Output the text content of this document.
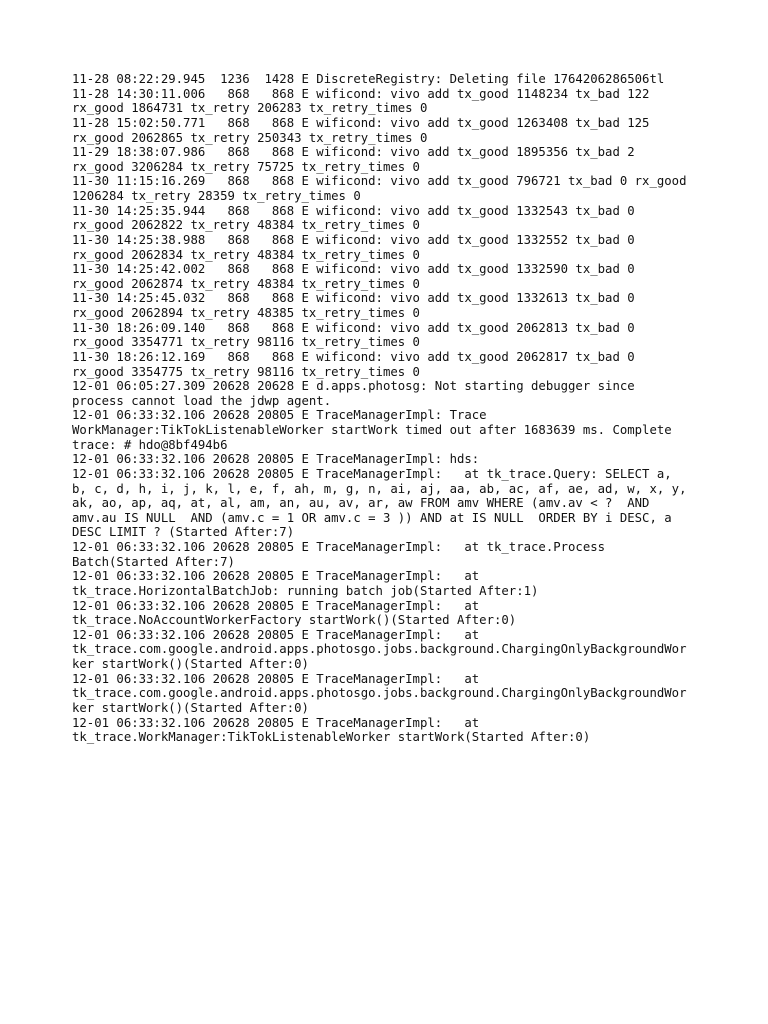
11-28 08:22:29.945  1236  1428 E DiscreteRegistry: Deleting file 1764206286506tl
11-28 14:30:11.006   868   868 E wificond: vivo add tx_good 1148234 tx_bad 122
rx_good 1864731 tx_retry 206283 tx_retry_times 0
11-28 15:02:50.771   868   868 E wificond: vivo add tx_good 1263408 tx_bad 125
rx_good 2062865 tx_retry 250343 tx_retry_times 0
11-29 18:38:07.986   868   868 E wificond: vivo add tx_good 1895356 tx_bad 2
rx_good 3206284 tx_retry 75725 tx_retry_times 0
11-30 11:15:16.269   868   868 E wificond: vivo add tx_good 796721 tx_bad 0 rx_good
1206284 tx_retry 28359 tx_retry_times 0
11-30 14:25:35.944   868   868 E wificond: vivo add tx_good 1332543 tx_bad 0
rx_good 2062822 tx_retry 48384 tx_retry_times 0
11-30 14:25:38.988   868   868 E wificond: vivo add tx_good 1332552 tx_bad 0
rx_good 2062834 tx_retry 48384 tx_retry_times 0
11-30 14:25:42.002   868   868 E wificond: vivo add tx_good 1332590 tx_bad 0
rx_good 2062874 tx_retry 48384 tx_retry_times 0
11-30 14:25:45.032   868   868 E wificond: vivo add tx_good 1332613 tx_bad 0
rx_good 2062894 tx_retry 48385 tx_retry_times 0
11-30 18:26:09.140   868   868 E wificond: vivo add tx_good 2062813 tx_bad 0
rx_good 3354771 tx_retry 98116 tx_retry_times 0
11-30 18:26:12.169   868   868 E wificond: vivo add tx_good 2062817 tx_bad 0
rx_good 3354775 tx_retry 98116 tx_retry_times 0
12-01 06:05:27.309 20628 20628 E d.apps.photosg: Not starting debugger since
process cannot load the jdwp agent.
12-01 06:33:32.106 20628 20805 E TraceManagerImpl: Trace
WorkManager:TikTokListenableWorker startWork timed out after 1683639 ms. Complete
trace: # hdo@8bf494b6
12-01 06:33:32.106 20628 20805 E TraceManagerImpl: hds:
12-01 06:33:32.106 20628 20805 E TraceManagerImpl:   at tk_trace.Query: SELECT a,
b, c, d, h, i, j, k, l, e, f, ah, m, g, n, ai, aj, aa, ab, ac, af, ae, ad, w, x, y,
ak, ao, ap, aq, at, al, am, an, au, av, ar, aw FROM amv WHERE (amv.av < ?  AND
amv.au IS NULL  AND (amv.c = 1 OR amv.c = 3 )) AND at IS NULL  ORDER BY i DESC, a
DESC LIMIT ? (Started After:7)
12-01 06:33:32.106 20628 20805 E TraceManagerImpl:   at tk_trace.Process
Batch(Started After:7)
12-01 06:33:32.106 20628 20805 E TraceManagerImpl:   at
tk_trace.HorizontalBatchJob: running batch job(Started After:1)
12-01 06:33:32.106 20628 20805 E TraceManagerImpl:   at
tk_trace.NoAccountWorkerFactory startWork()(Started After:0)
12-01 06:33:32.106 20628 20805 E TraceManagerImpl:   at
tk_trace.com.google.android.apps.photosgo.jobs.background.ChargingOnlyBackgroundWor
ker startWork()(Started After:0)
12-01 06:33:32.106 20628 20805 E TraceManagerImpl:   at
tk_trace.com.google.android.apps.photosgo.jobs.background.ChargingOnlyBackgroundWor
ker startWork()(Started After:0)
12-01 06:33:32.106 20628 20805 E TraceManagerImpl:   at
tk_trace.WorkManager:TikTokListenableWorker startWork(Started After:0)
